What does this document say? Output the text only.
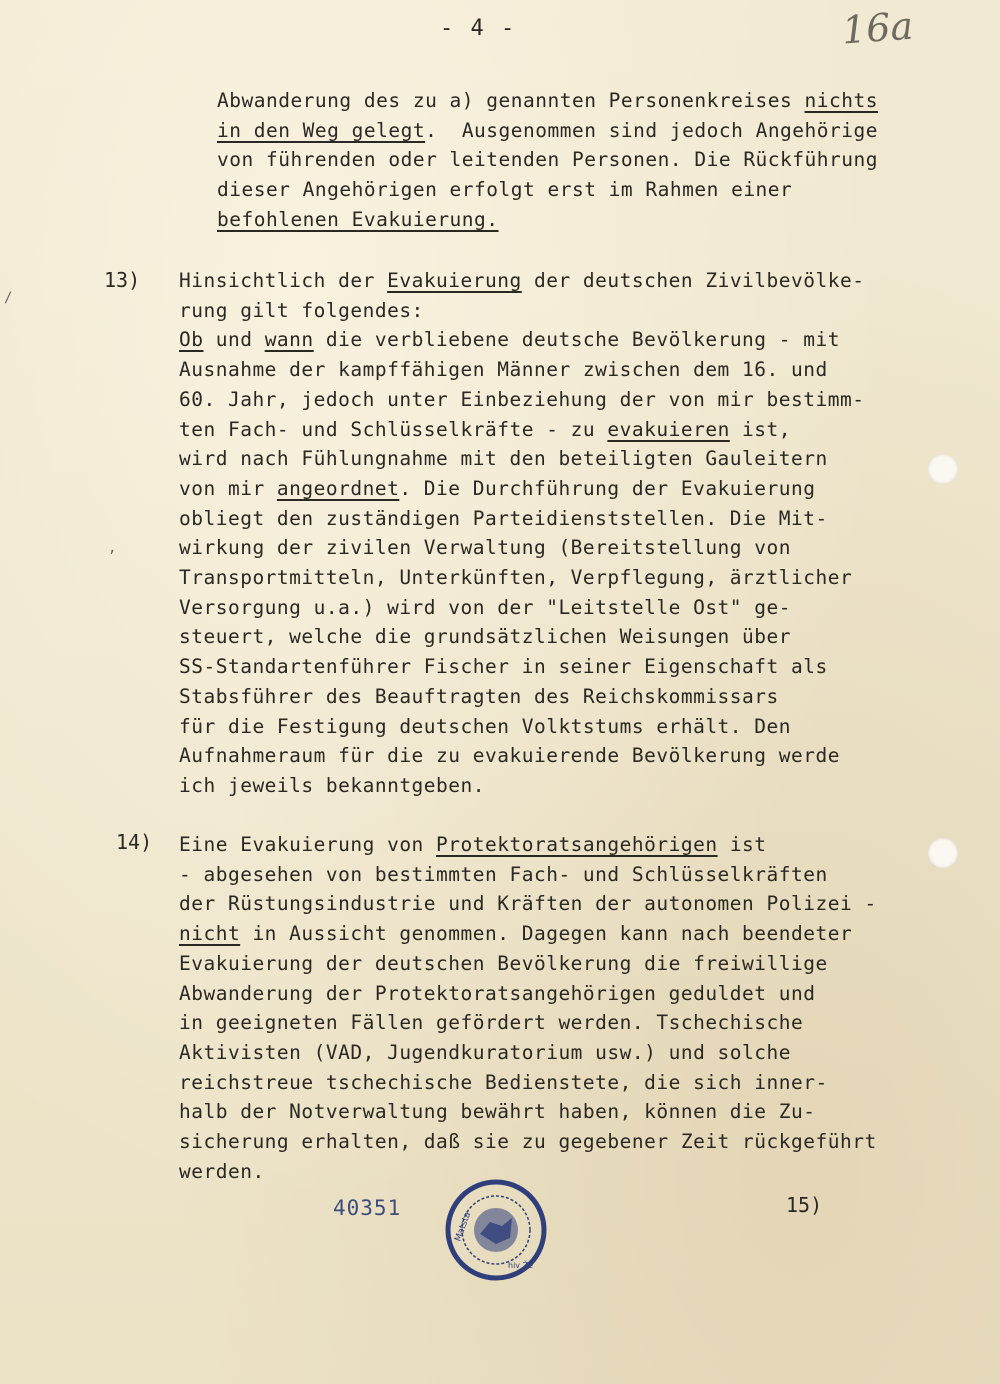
/
,
- 4 -	16a
Abwanderung des zu a) genannten Personenkreises nichts
in den Weg gelegt.  Ausgenommen sind jedoch Angehörige
von führenden oder leitenden Personen. Die Rückführung
dieser Angehörigen erfolgt erst im Rahmen einer
befohlenen Evakuierung.
13) Hinsichtlich der Evakuierung der deutschen Zivilbevölke-
rung gilt folgendes:
Ob und wann die verbliebene deutsche Bevölkerung - mit
Ausnahme der kampffähigen Männer zwischen dem 16. und
60. Jahr, jedoch unter Einbeziehung der von mir bestimm-
ten Fach- und Schlüsselkräfte - zu evakuieren ist,
wird nach Fühlungnahme mit den beteiligten Gauleitern
von mir angeordnet. Die Durchführung der Evakuierung
obliegt den zuständigen Parteidienststellen. Die Mit-
wirkung der zivilen Verwaltung (Bereitstellung von
Transportmitteln, Unterkünften, Verpflegung, ärztlicher
Versorgung u.a.) wird von der "Leitstelle Ost" ge-
steuert, welche die grundsätzlichen Weisungen über
SS-Standartenführer Fischer in seiner Eigenschaft als
Stabsführer des Beauftragten des Reichskommissars
für die Festigung deutschen Volktstums erhält. Den
Aufnahmeraum für die zu evakuierende Bevölkerung werde
ich jeweils bekanntgeben.
14) Eine Evakuierung von Protektoratsangehörigen ist
- abgesehen von bestimmten Fach- und Schlüsselkräften
der Rüstungsindustrie und Kräften der autonomen Polizei -
nicht in Aussicht genommen. Dagegen kann nach beendeter
Evakuierung der deutschen Bevölkerung die freiwillige
Abwanderung der Protektoratsangehörigen geduldet und
in geeigneten Fällen gefördert werden. Tschechische
Aktivisten (VAD, Jugendkuratorium usw.) und solche
reichstreue tschechische Bedienstete, die sich inner-
halb der Notverwaltung bewährt haben, können die Zu-
sicherung erhalten, daß sie zu gegebener Zeit rückgeführt
werden.
40351
Matsta
hiv Že
15)
